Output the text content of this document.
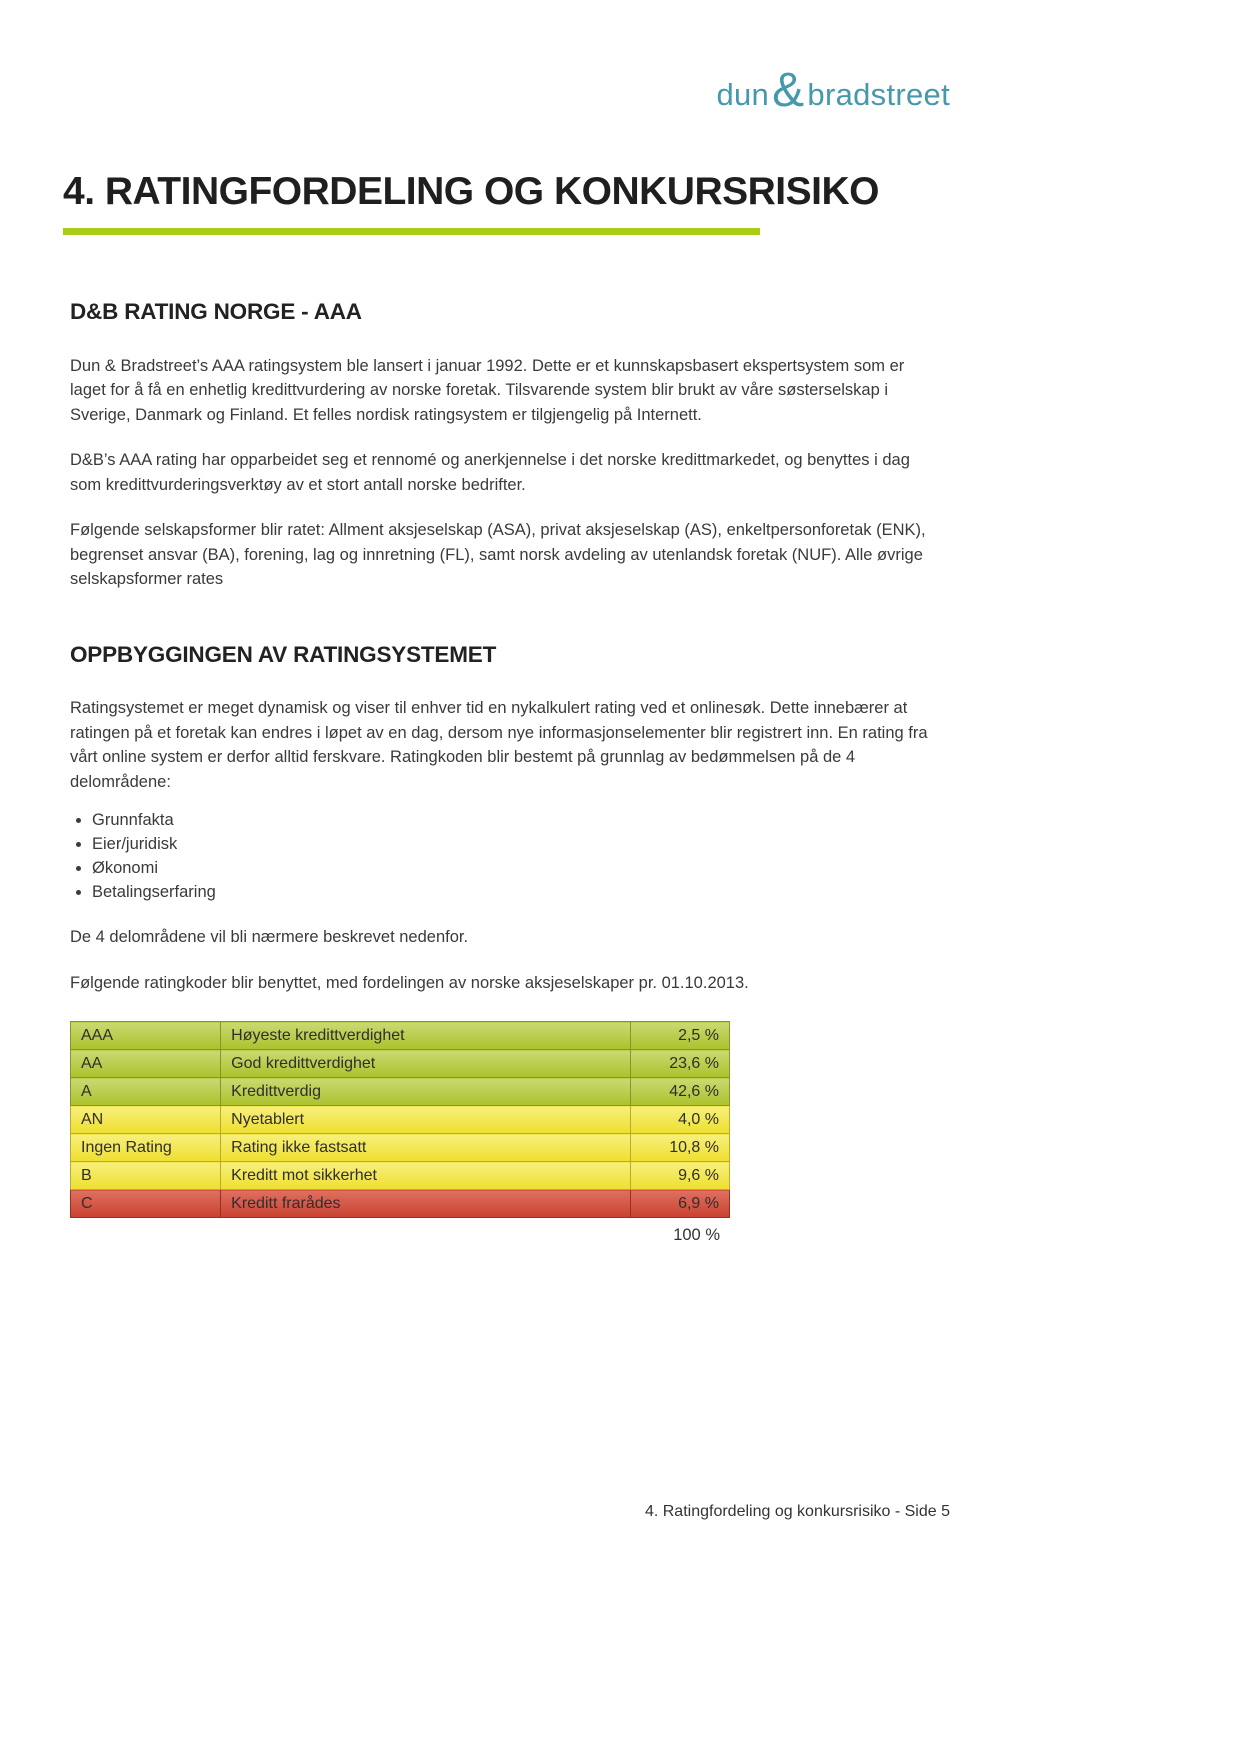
dun & bradstreet
4. RATINGFORDELING OG KONKURSRISIKO
D&B RATING NORGE - AAA

Dun & Bradstreet’s AAA ratingsystem ble lansert i januar 1992. Dette er et kunnskapsbasert ekspertsystem som er laget for å få en enhetlig kredittvurdering av norske foretak. Tilsvarende system blir brukt av våre søsterselskap i Sverige, Danmark og Finland. Et felles nordisk ratingsystem er tilgjengelig på Internett.

D&B’s AAA rating har opparbeidet seg et rennomé og anerkjennelse i det norske kredittmarkedet, og benyttes i dag som kredittvurderingsverktøy av et stort antall norske bedrifter.

Følgende selskapsformer blir ratet: Allment aksjeselskap (ASA), privat aksjeselskap (AS), enkeltpersonforetak (ENK), begrenset ansvar (BA), forening, lag og innretning (FL), samt norsk avdeling av utenlandsk foretak (NUF). Alle øvrige selskapsformer rates

OPPBYGGINGEN AV RATINGSYSTEMET

Ratingsystemet er meget dynamisk og viser til enhver tid en nykalkulert rating ved et onlinesøk. Dette innebærer at ratingen på et foretak kan endres i løpet av en dag, dersom nye informasjonselementer blir registrert inn. En rating fra vårt online system er derfor alltid ferskvare. Ratingkoden blir bestemt på grunnlag av bedømmelsen på de 4 delområdene:

• Grunnfakta
• Eier/juridisk
• Økonomi
• Betalingserfaring

De 4 delområdene vil bli nærmere beskrevet nedenfor.

Følgende ratingkoder blir benyttet, med fordelingen av norske aksjeselskaper pr. 01.10.2013.

AAA	Høyeste kredittverdighet	2,5 %
AA	God kredittverdighet	23,6 %
A	Kredittverdig	42,6 %
AN	Nyetablert	4,0 %
Ingen Rating	Rating ikke fastsatt	10,8 %
B	Kreditt mot sikkerhet	9,6 %
C	Kreditt frarådes	6,9 %
100 %
4. Ratingfordeling og konkursrisiko - Side 5
